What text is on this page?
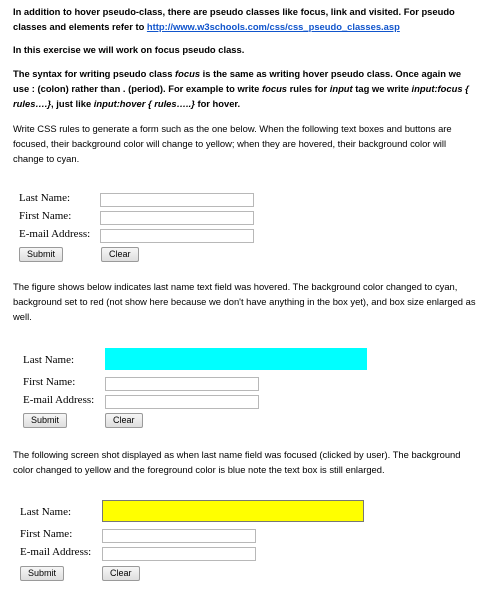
In addition to hover pseudo-class, there are pseudo classes like focus, link and visited. For pseudo classes and elements refer to http://www.w3schools.com/css/css_pseudo_classes.asp
In this exercise we will work on focus pseudo class.
The syntax for writing pseudo class focus is the same as writing hover pseudo class. Once again we use : (colon) rather than . (period). For example to write focus rules for input tag we write input:focus { rules….}, just like input:hover { rules…..} for hover.
Write CSS rules to generate a form such as the one below. When the following text boxes and buttons are focused, their background color will change to yellow; when they are hovered, their background color will change to cyan.
Last Name:
First Name:
E-mail Address:
Submit	Clear
The figure shows below indicates last name text field was hovered. The background color changed to cyan, background set to red (not show here because we don't have anything in the box yet), and box size enlarged as well.
Last Name:
First Name:
E-mail Address:
Submit	Clear
The following screen shot displayed as when last name field was focused (clicked by user). The background color changed to yellow and the foreground color is blue note the text box is still enlarged.
Last Name:
First Name:
E-mail Address:
Submit	Clear
